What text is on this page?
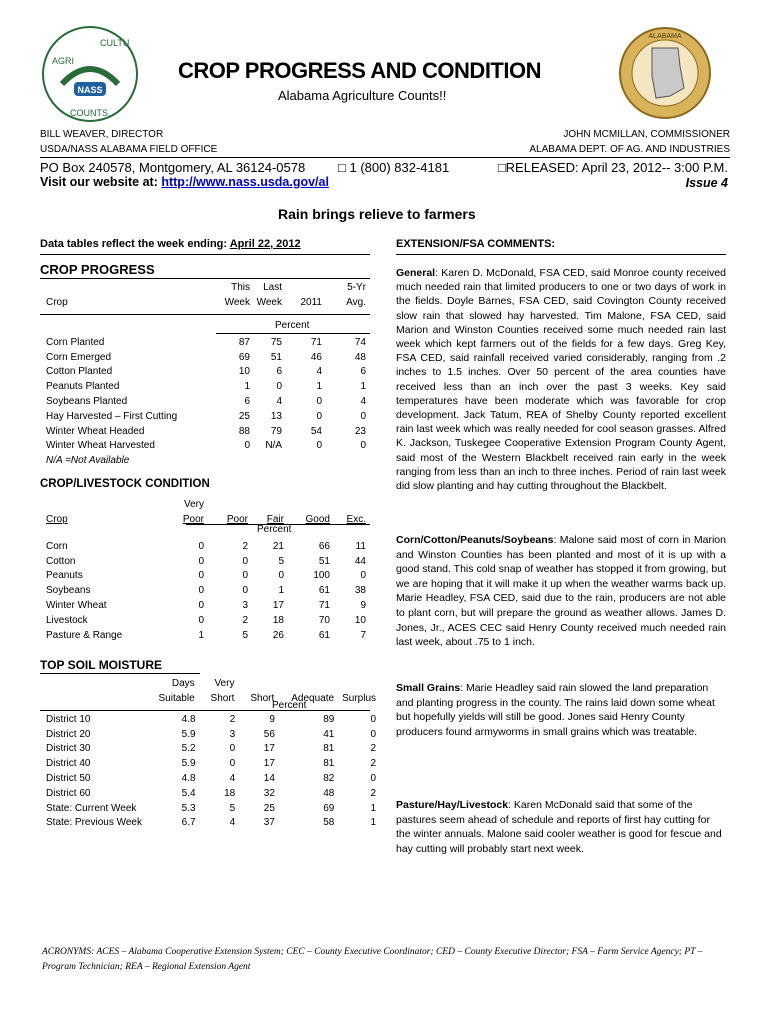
NASS
AGRI
CULTU
COUNTS
ALABAMA
CROP PROGRESS AND CONDITION
Alabama Agriculture Counts!!
BILL WEAVER, DIRECTOR
USDA/NASS ALABAMA FIELD OFFICE
JOHN MCMILLAN, COMMISSIONER
ALABAMA DEPT. OF AG. AND INDUSTRIES
PO Box 240578, Montgomery, AL 36124-0578	□ 1 (800) 832-4181	□RELEASED: April 23, 2012-- 3:00 P.M.
Visit our website at: http://www.nass.usda.gov/al	Issue 4
Rain brings relieve to farmers
Data tables reflect the week ending: April 22, 2012
CROP PROGRESS
	This	Last		5-Yr
Crop	Week	Week	2011	Avg.
Percent
Corn Planted	87	75	71	74
Corn Emerged	69	51	46	48
Cotton Planted	10	6	4	6
Peanuts Planted	1	0	1	1
Soybeans Planted	6	4	0	4
Hay Harvested – First Cutting	25	13	0	0
Winter Wheat Headed	88	79	54	23
Winter Wheat Harvested	0	N/A	0	0
N/A =Not Available
CROP/LIVESTOCK CONDITION
	Very				
Crop	Poor	Poor	Fair	Good	Exc.
Percent
Corn	0	2	21	66	11
Cotton	0	0	5	51	44
Peanuts	0	0	0	100	0
Soybeans	0	0	1	61	38
Winter Wheat	0	3	17	71	9
Livestock	0	2	18	70	10
Pasture & Range	1	5	26	61	7
TOP SOIL MOISTURE
	Days	Very			
	Suitable	Short	Short	Adequate	Surplus
Percent
District 10	4.8	2	9	89	0
District 20	5.9	3	56	41	0
District 30	5.2	0	17	81	2
District 40	5.9	0	17	81	2
District 50	4.8	4	14	82	0
District 60	5.4	18	32	48	2
State: Current Week	5.3	5	25	69	1
State: Previous Week	6.7	4	37	58	1
EXTENSION/FSA COMMENTS:
General: Karen D. McDonald, FSA CED, said Monroe county received much needed rain that limited producers to one or two days of work in the fields. Doyle Barnes, FSA CED, said Covington County received slow rain that slowed hay harvested. Tim Malone, FSA CED, said Marion and Winston Counties received some much needed rain last week which kept farmers out of the fields for a few days. Greg Key, FSA CED, said rainfall received varied considerably, ranging from .2 inches to 1.5 inches. Over 50 percent of the area counties have received less than an inch over the past 3 weeks. Key said temperatures have been moderate which was favorable for crop development. Jack Tatum, REA of Shelby County reported excellent rain last week which was really needed for cool season grasses. Alfred K. Jackson, Tuskegee Cooperative Extension Program County Agent, said most of the Western Blackbelt received rain early in the week ranging from less than an inch to three inches. Period of rain last week did slow planting and hay cutting throughout the Blackbelt.
Corn/Cotton/Peanuts/Soybeans: Malone said most of corn in Marion and Winston Counties has been planted and most of it is up with a good stand. This cold snap of weather has stopped it from growing, but we are hoping that it will make it up when the weather warms back up. Marie Headley, FSA CED, said due to the rain, producers are not able to plant corn, but will prepare the ground as weather allows. James D. Jones, Jr., ACES CEC said Henry County received much needed rain last week, about .75 to 1 inch.
Small Grains: Marie Headley said rain slowed the land preparation and planting progress in the county. The rains laid down some wheat but hopefully yields will still be good. Jones said Henry County producers found armyworms in small grains which was treatable.
Pasture/Hay/Livestock: Karen McDonald said that some of the pastures seem ahead of schedule and reports of first hay cutting for the winter annuals. Malone said cooler weather is good for fescue and hay cutting will probably start next week.
ACRONYMS: ACES – Alabama Cooperative Extension System; CEC – County Executive Coordinator; CED – County Executive Director; FSA – Farm Service Agency; PT – Program Technician; REA – Regional Extension Agent
